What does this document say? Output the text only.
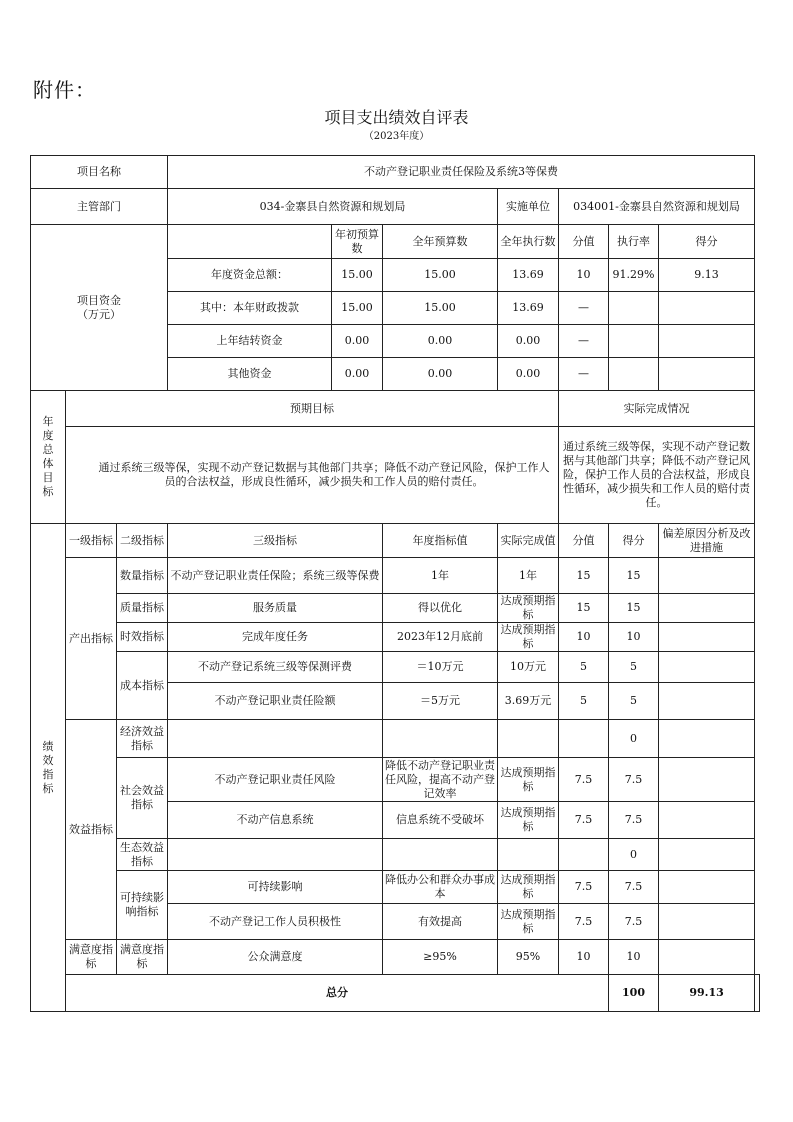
附件：
项目支出绩效自评表
（2023年度）
项目名称			不动产登记职业责任保险及系统3等保费							
主管部门			034-金寨县自然资源和规划局			实施单位	034001-金寨县自然资源和规划局			
项目资金
（万元）				年初预算数	全年预算数	全年执行数	分值	执行率	得分	
			年度资金总额：	15.00	15.00	13.69	10	91.29%	9.13	
			其中：本年财政拨款	15.00	15.00	13.69	—			
			上年结转资金	0.00	0.00	0.00	—			
			其他资金	0.00	0.00	0.00	—			
年度总体目标	预期目标						实际完成情况			
	通过系统三级等保，实现不动产登记数据与其他部门共享；降低不动产登记风险，保护工作人员的合法权益，形成良性循环，减少损失和工作人员的赔付责任。						通过系统三级等保，实现不动产登记数据与其他部门共享；降低不动产登记风险，保护工作人员的合法权益，形成良性循环，减少损失和工作人员的赔付责任。			
绩效指标	一级指标	二级指标	三级指标		年度指标值	实际完成值	分值	得分	偏差原因分析及改进措施	
	产出指标	数量指标	不动产登记职业责任保险；系统三级等保费		1年	1年	15	15		
		质量指标	服务质量		得以优化	达成预期指标	15	15		
		时效指标	完成年度任务		2023年12月底前	达成预期指标	10	10		
		成本指标	不动产登记系统三级等保测评费		＝10万元	10万元	5	5		
			不动产登记职业责任险额		＝5万元	3.69万元	5	5		
	效益指标	经济效益指标						0		
		社会效益指标	不动产登记职业责任风险		降低不动产登记职业责任风险，提高不动产登记效率	达成预期指标	7.5	7.5		
			不动产信息系统		信息系统不受破坏	达成预期指标	7.5	7.5		
		生态效益指标						0		
		可持续影响指标	可持续影响		降低办公和群众办事成本	达成预期指标	7.5	7.5		
			不动产登记工作人员积极性		有效提高	达成预期指标	7.5	7.5		
	满意度指标	满意度指标	公众满意度		≥95%	95%	10	10		
	总分							100	99.13	
